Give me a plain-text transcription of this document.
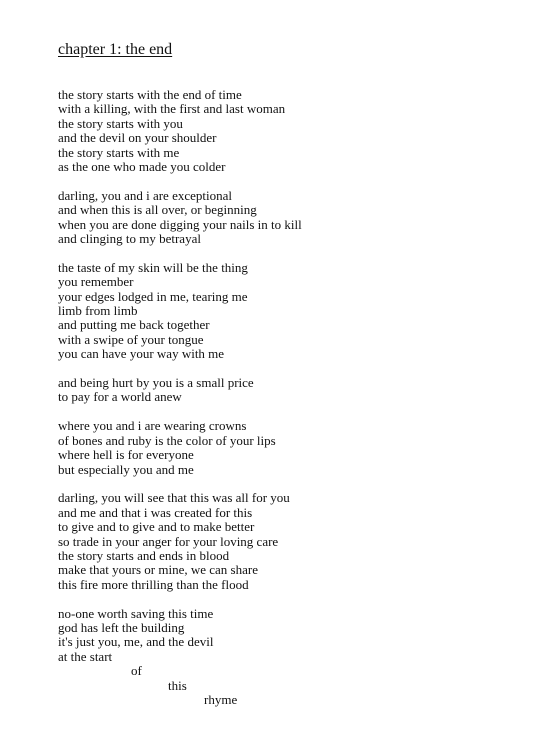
chapter 1: the end
the story starts with the end of time
with a killing, with the first and last woman
the story starts with you
and the devil on your shoulder
the story starts with me
as the one who made you colder
darling, you and i are exceptional
and when this is all over, or beginning
when you are done digging your nails in to kill
and clinging to my betrayal
the taste of my skin will be the thing
you remember
your edges lodged in me, tearing me
limb from limb
and putting me back together
with a swipe of your tongue
you can have your way with me
and being hurt by you is a small price
to pay for a world anew
where you and i are wearing crowns
of bones and ruby is the color of your lips
where hell is for everyone
but especially you and me
darling, you will see that this was all for you
and me and that i was created for this
to give and to give and to make better
so trade in your anger for your loving care
the story starts and ends in blood
make that yours or mine, we can share
this fire more thrilling than the flood
no-one worth saving this time
god has left the building
it's just you, me, and the devil
at the start
of
this
rhyme
